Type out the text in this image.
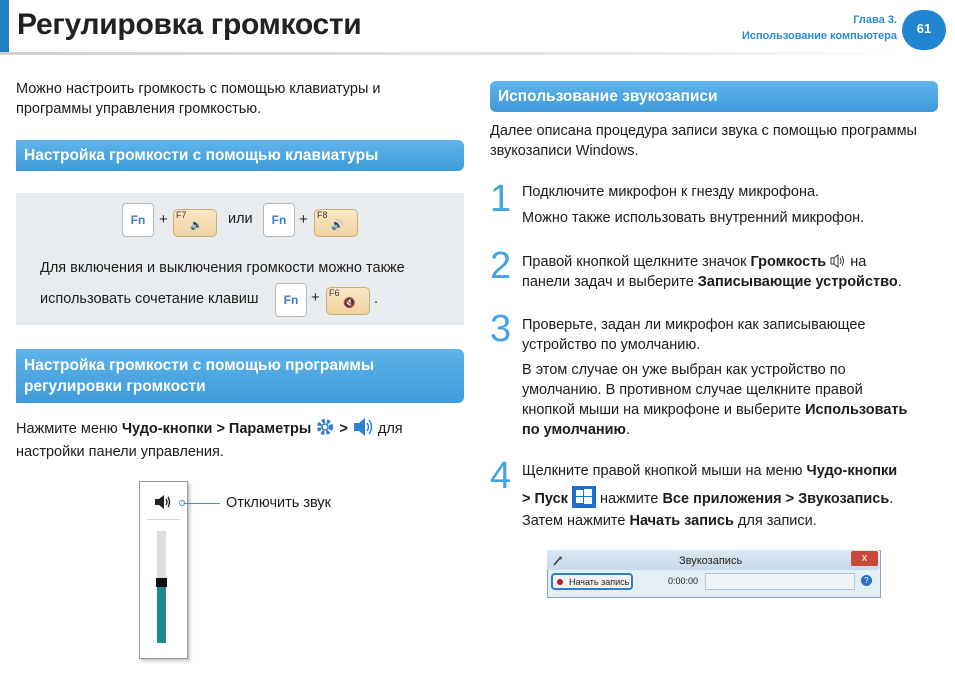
Регулировка громкости	Глава 3.
Использование компьютера	61
Можно настроить громкость с помощью клавиатуры и
программы управления громкостью.
Настройка громкости с помощью клавиатуры
Fn + F7
🔉 или	Fn + F8
🔊
Для включения и выключения громкости можно также
использовать сочетание клавиш	Fn + F6
🔇 .
Настройка громкости с помощью программы
регулировки громкости
Нажмите меню Чудо-кнопки > Параметры > для
настройки панели управления.
Отключить звук
Использование звукозаписи
Далее описана процедура записи звука с помощью программы
звукозаписи Windows.
1 Подключите микрофон к гнезду микрофона.
Можно также использовать внутренний микрофон.
2 Правой кнопкой щелкните значок Громкость  на
панели задач и выберите Записывающие устройство.
3 Проверьте, задан ли микрофон как записывающее
устройство по умолчанию.
В этом случае он уже выбран как устройство по
умолчанию. В противном случае щелкните правой
кнопкой мыши на микрофоне и выберите Использовать
по умолчанию.
4 Щелкните правой кнопкой мыши на меню Чудо-кнопки
> Пуск нажмите Все приложения > Звукозапись.
Затем нажмите Начать запись для записи.
Звукозапись	x
Начать запись	0:00:00	?
